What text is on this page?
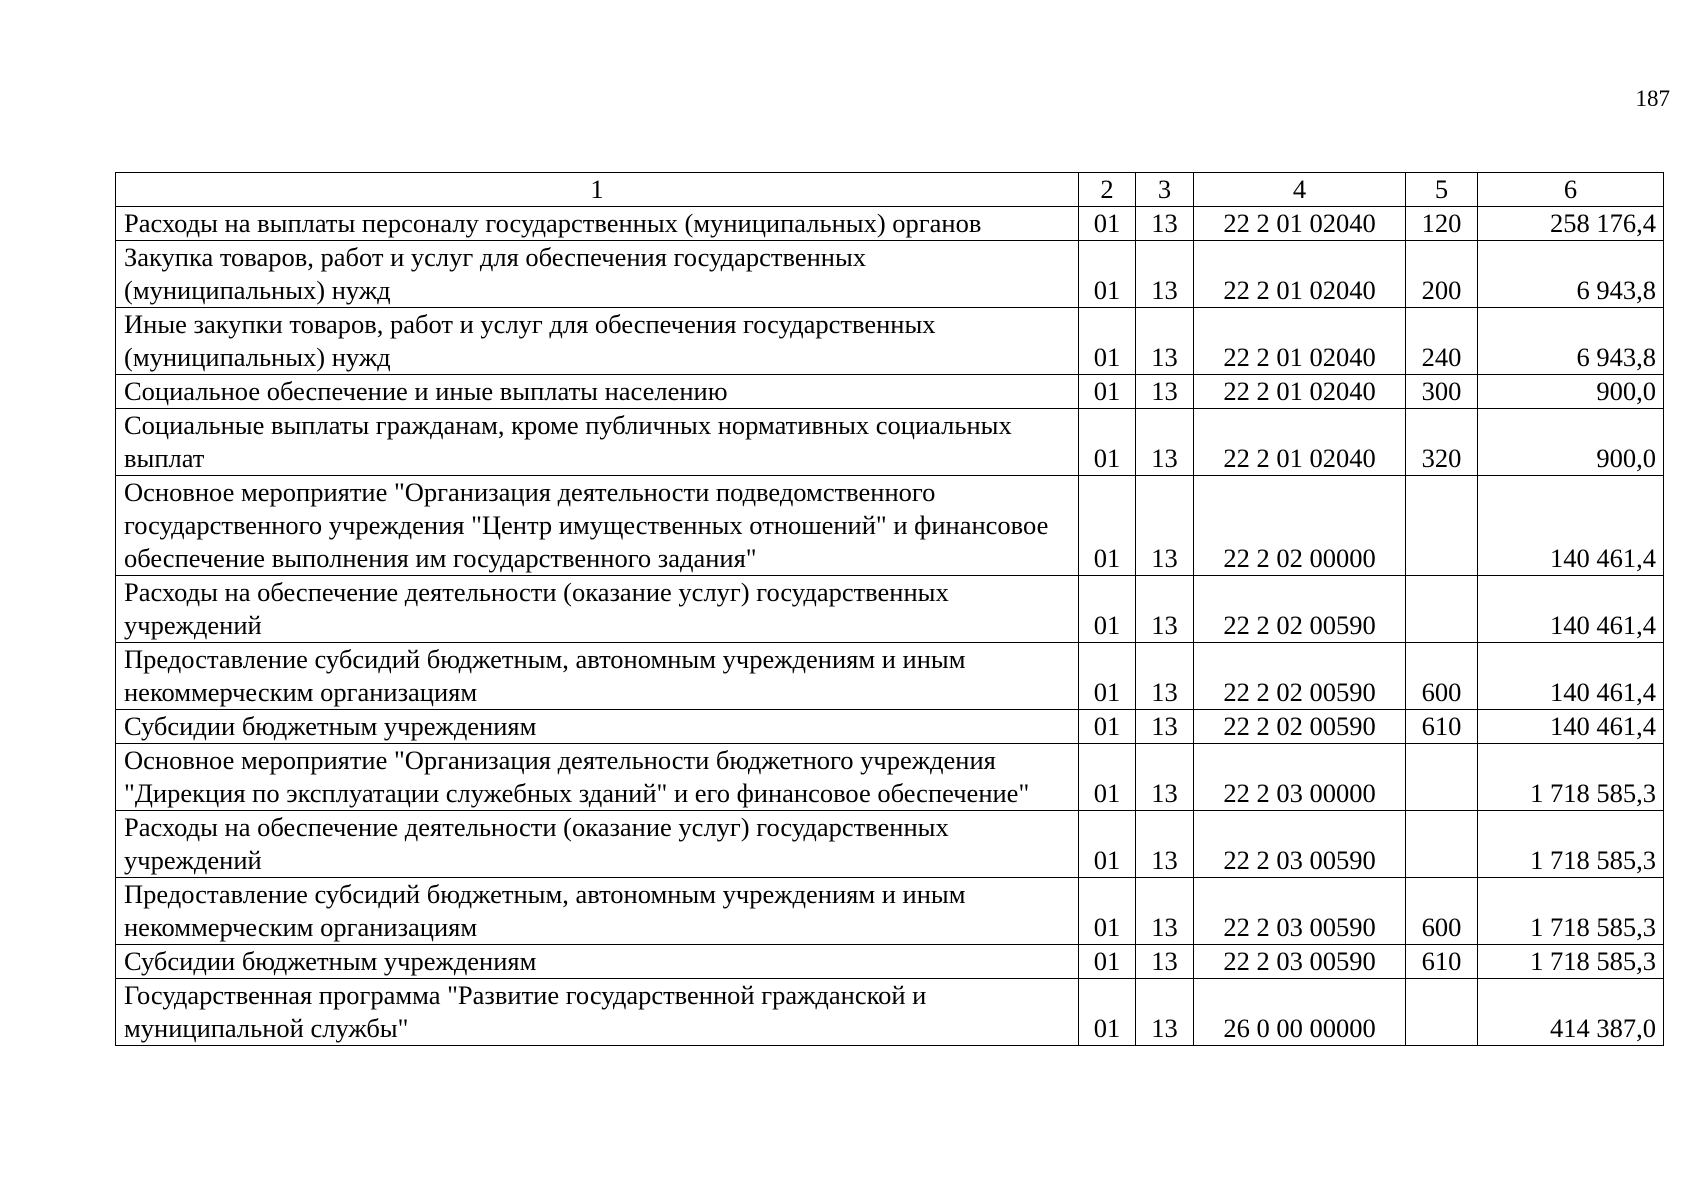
187
1	2	3	4	5	6
Расходы на выплаты персоналу государственных (муниципальных) органов	01	13	22 2 01 02040	120	258 176,4
Закупка товаров, работ и услуг для обеспечения государственных (муниципальных) нужд	01	13	22 2 01 02040	200	6 943,8
Иные закупки товаров, работ и услуг для обеспечения государственных (муниципальных) нужд	01	13	22 2 01 02040	240	6 943,8
Социальное обеспечение и иные выплаты населению	01	13	22 2 01 02040	300	900,0
Социальные выплаты гражданам, кроме публичных нормативных социальных выплат	01	13	22 2 01 02040	320	900,0
Основное мероприятие "Организация деятельности подведомственного государственного учреждения "Центр имущественных отношений" и финансовое обеспечение выполнения им государственного задания"	01	13	22 2 02 00000		140 461,4
Расходы на обеспечение деятельности (оказание услуг) государственных учреждений	01	13	22 2 02 00590		140 461,4
Предоставление субсидий бюджетным, автономным учреждениям и иным некоммерческим организациям	01	13	22 2 02 00590	600	140 461,4
Субсидии бюджетным учреждениям	01	13	22 2 02 00590	610	140 461,4
Основное мероприятие "Организация деятельности бюджетного учреждения "Дирекция по эксплуатации служебных зданий" и его финансовое обеспечение"	01	13	22 2 03 00000		1 718 585,3
Расходы на обеспечение деятельности (оказание услуг) государственных учреждений	01	13	22 2 03 00590		1 718 585,3
Предоставление субсидий бюджетным, автономным учреждениям и иным некоммерческим организациям	01	13	22 2 03 00590	600	1 718 585,3
Субсидии бюджетным учреждениям	01	13	22 2 03 00590	610	1 718 585,3
Государственная программа "Развитие государственной гражданской и муниципальной службы"	01	13	26 0 00 00000		414 387,0
